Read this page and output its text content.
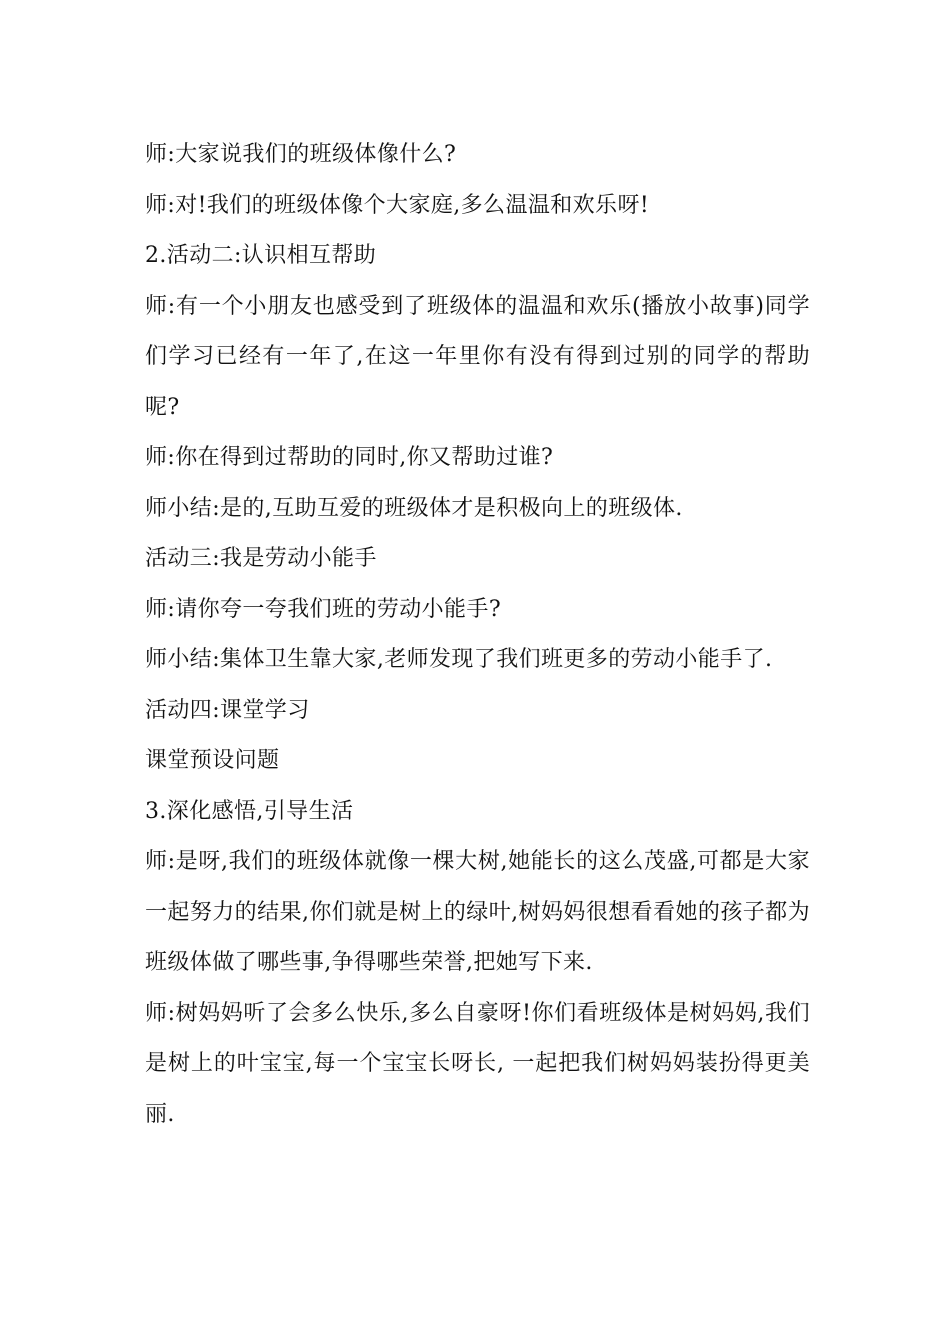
师:大家说我们的班级体像什么?

师:对!我们的班级体像个大家庭,多么温温和欢乐呀!

2.活动二:认识相互帮助

师:有一个小朋友也感受到了班级体的温温和欢乐(播放小故事)同学们学习已经有一年了,在这一年里你有没有得到过别的同学的帮助呢?

师:你在得到过帮助的同时,你又帮助过谁?

师小结:是的,互助互爱的班级体才是积极向上的班级体.

活动三:我是劳动小能手

师:请你夸一夸我们班的劳动小能手?

师小结:集体卫生靠大家,老师发现了我们班更多的劳动小能手了.

活动四:课堂学习

课堂预设问题

3.深化感悟,引导生活

师:是呀,我们的班级体就像一棵大树,她能长的这么茂盛,可都是大家一起努力的结果,你们就是树上的绿叶,树妈妈很想看看她的孩子都为班级体做了哪些事,争得哪些荣誉,把她写下来.

师:树妈妈听了会多么快乐,多么自豪呀!你们看班级体是树妈妈,我们是树上的叶宝宝,每一个宝宝长呀长, 一起把我们树妈妈装扮得更美丽.
